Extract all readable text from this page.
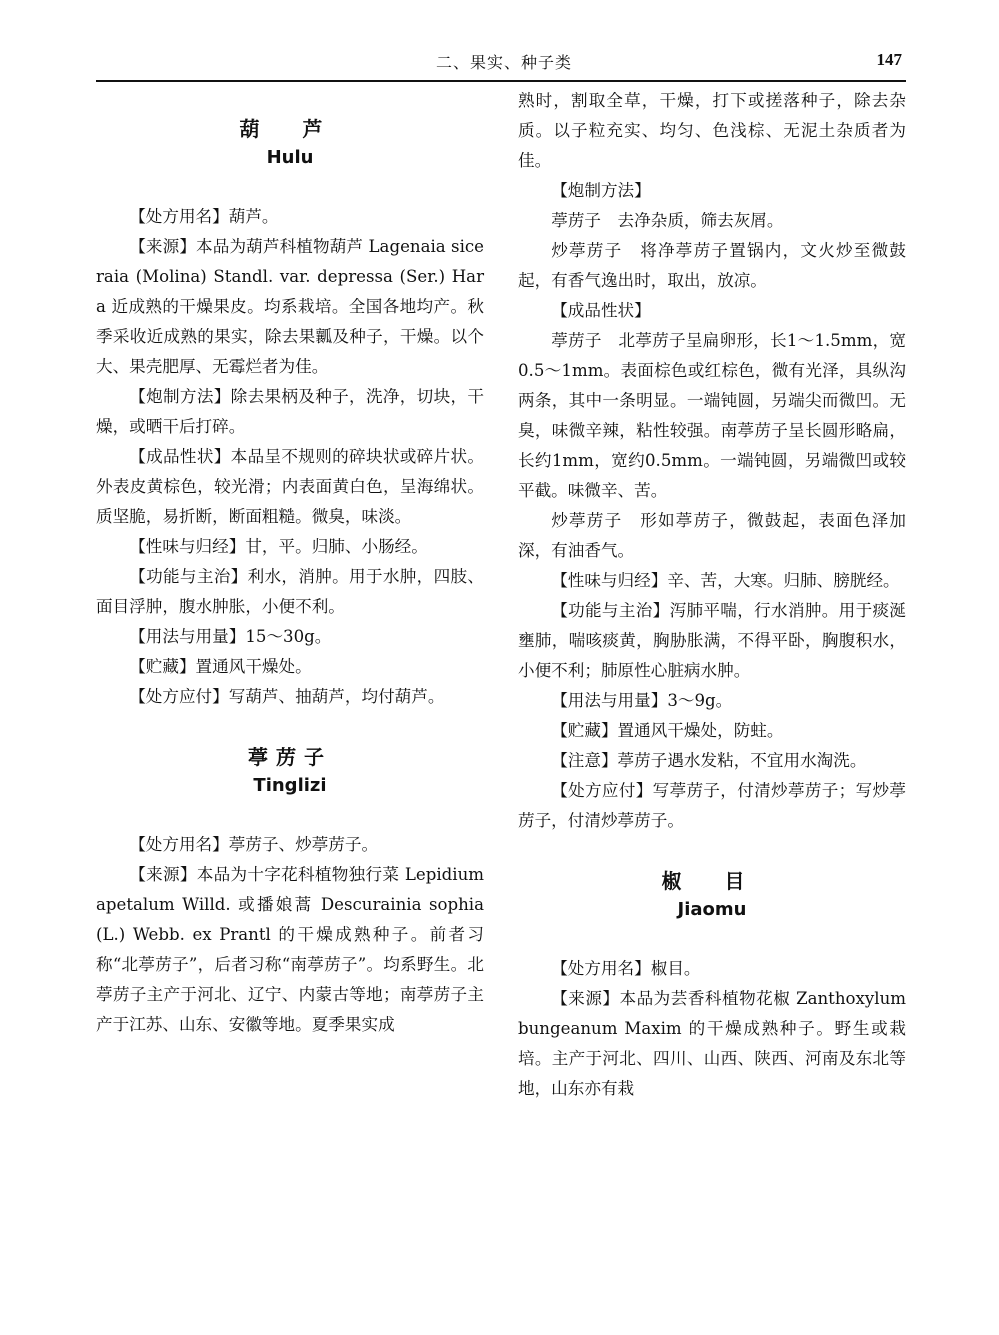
二、果实、种子类	147
葫 芦
Hulu

【处方用名】葫芦。

【来源】本品为葫芦科植物葫芦 Lagenaia siceraia (Molina) Standl. var. depressa (Ser.) Hara 近成熟的干燥果皮。均系栽培。全国各地均产。秋季采收近成熟的果实，除去果瓤及种子，干燥。以个大、果壳肥厚、无霉烂者为佳。

【炮制方法】除去果柄及种子，洗净，切块，干燥，或晒干后打碎。

【成品性状】本品呈不规则的碎块状或碎片状。外表皮黄棕色，较光滑；内表面黄白色，呈海绵状。质坚脆，易折断，断面粗糙。微臭，味淡。

【性味与归经】甘，平。归肺、小肠经。

【功能与主治】利水，消肿。用于水肿，四肢、面目浮肿，腹水肿胀，小便不利。

【用法与用量】15～30g。

【贮藏】置通风干燥处。

【处方应付】写葫芦、抽葫芦，均付葫芦。

葶苈子
Tinglizi

【处方用名】葶苈子、炒葶苈子。

【来源】本品为十字花科植物独行菜 Lepidium apetalum Willd. 或播娘蒿 Descurainia sophia (L.) Webb. ex Prantl 的干燥成熟种子。前者习称“北葶苈子”，后者习称“南葶苈子”。均系野生。北葶苈子主产于河北、辽宁、内蒙古等地；南葶苈子主产于江苏、山东、安徽等地。夏季果实成

熟时，割取全草，干燥，打下或搓落种子，除去杂质。以子粒充实、均匀、色浅棕、无泥土杂质者为佳。

【炮制方法】

葶苈子　去净杂质，筛去灰屑。

炒葶苈子　将净葶苈子置锅内，文火炒至微鼓起，有香气逸出时，取出，放凉。

【成品性状】

葶苈子　北葶苈子呈扁卵形，长1～1.5mm，宽0.5～1mm。表面棕色或红棕色，微有光泽，具纵沟两条，其中一条明显。一端钝圆，另端尖而微凹。无臭，味微辛辣，粘性较强。南葶苈子呈长圆形略扁，长约1mm，宽约0.5mm。一端钝圆，另端微凹或较平截。味微辛、苦。

炒葶苈子　形如葶苈子，微鼓起，表面色泽加深，有油香气。

【性味与归经】辛、苦，大寒。归肺、膀胱经。

【功能与主治】泻肺平喘，行水消肿。用于痰涎壅肺，喘咳痰黄，胸胁胀满，不得平卧，胸腹积水，小便不利；肺原性心脏病水肿。

【用法与用量】3～9g。

【贮藏】置通风干燥处，防蛀。

【注意】葶苈子遇水发粘，不宜用水淘洗。

【处方应付】写葶苈子，付清炒葶苈子；写炒葶苈子，付清炒葶苈子。

椒 目
Jiaomu

【处方用名】椒目。

【来源】本品为芸香科植物花椒 Zanthoxylum bungeanum Maxim 的干燥成熟种子。野生或栽培。主产于河北、四川、山西、陕西、河南及东北等地，山东亦有栽
